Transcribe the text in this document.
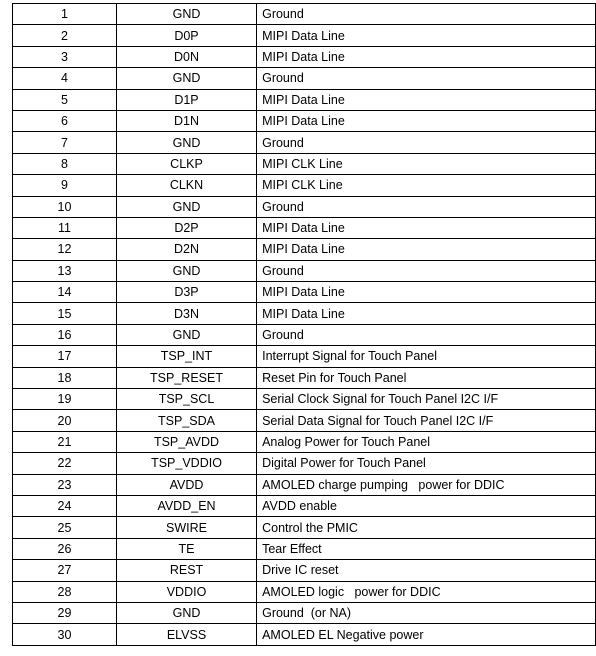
1	GND	Ground
2	D0P	MIPI Data Line
3	D0N	MIPI Data Line
4	GND	Ground
5	D1P	MIPI Data Line
6	D1N	MIPI Data Line
7	GND	Ground
8	CLKP	MIPI CLK Line
9	CLKN	MIPI CLK Line
10	GND	Ground
11	D2P	MIPI Data Line
12	D2N	MIPI Data Line
13	GND	Ground
14	D3P	MIPI Data Line
15	D3N	MIPI Data Line
16	GND	Ground
17	TSP_INT	Interrupt Signal for Touch Panel
18	TSP_RESET	Reset Pin for Touch Panel
19	TSP_SCL	Serial Clock Signal for Touch Panel I2C I/F
20	TSP_SDA	Serial Data Signal for Touch Panel I2C I/F
21	TSP_AVDD	Analog Power for Touch Panel
22	TSP_VDDIO	Digital Power for Touch Panel
23	AVDD	AMOLED charge pumping   power for DDIC
24	AVDD_EN	AVDD enable
25	SWIRE	Control the PMIC
26	TE	Tear Effect
27	REST	Drive IC reset
28	VDDIO	AMOLED logic   power for DDIC
29	GND	Ground  (or NA)
30	ELVSS	AMOLED EL Negative power
